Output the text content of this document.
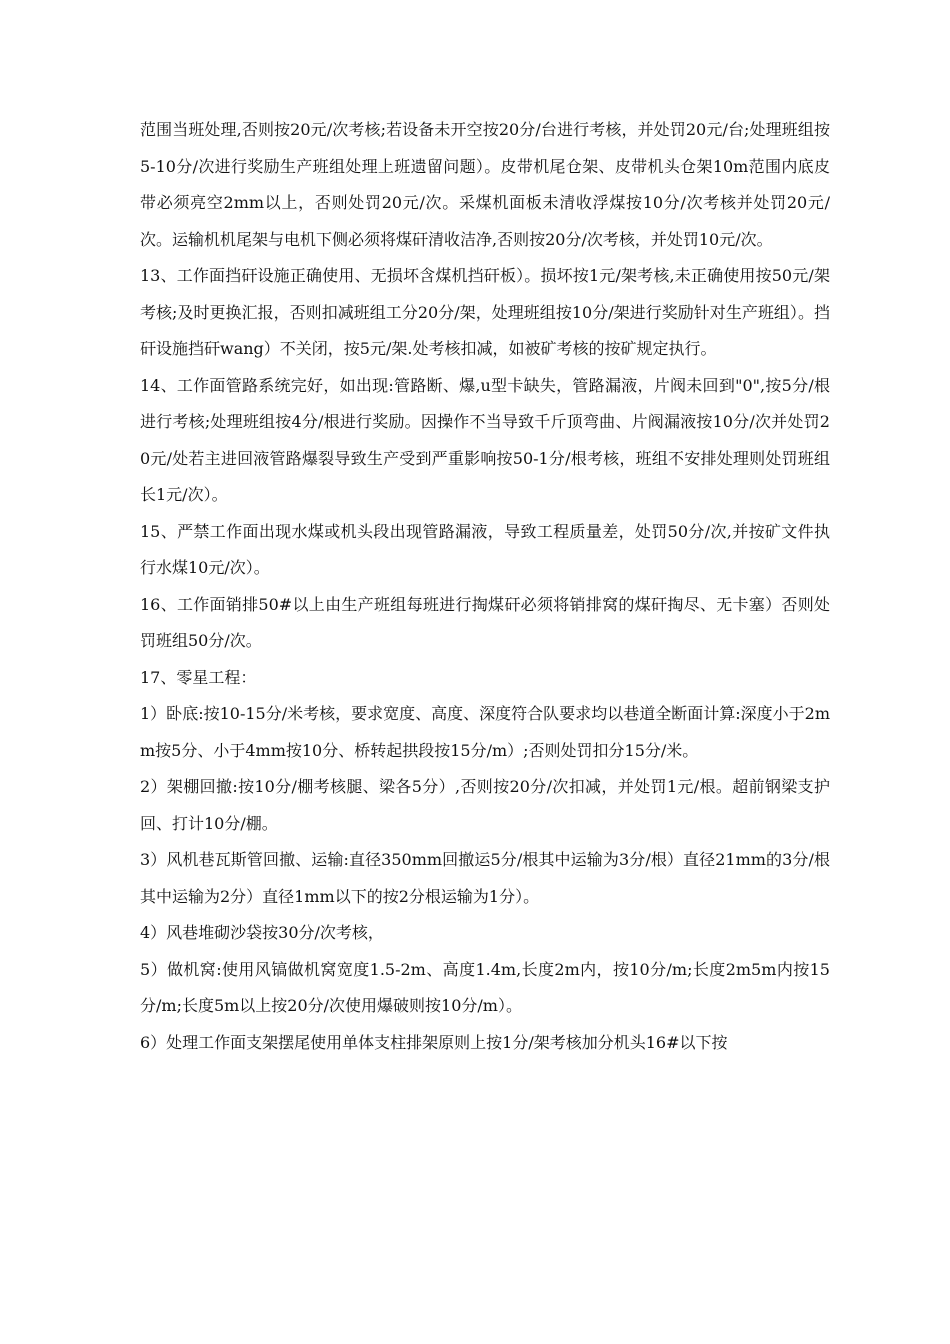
范围当班处理,否则按20元/次考核;若设备未开空按20分/台进行考核，并处罚20元/台;处理班组按5-10分/次进行奖励生产班组处理上班遗留问题）。皮带机尾仓架、皮带机头仓架10m范围内底皮带必须亮空2mm以上，否则处罚20元/次。采煤机面板未清收浮煤按10分/次考核并处罚20元/次。运输机机尾架与电机下侧必须将煤矸清收洁净,否则按20分/次考核，并处罚10元/次。

13、工作面挡矸设施正确使用、无损坏含煤机挡矸板）。损坏按1元/架考核,未正确使用按50元/架考核;及时更换汇报，否则扣减班组工分20分/架，处理班组按10分/架进行奖励针对生产班组）。挡矸设施挡矸wang）不关闭，按5元/架.处考核扣减，如被矿考核的按矿规定执行。

14、工作面管路系统完好，如出现:管路断、爆,u型卡缺失，管路漏液，片阀未回到"0",按5分/根进行考核;处理班组按4分/根进行奖励。因操作不当导致千斤顶弯曲、片阀漏液按10分/次并处罚20元/处若主进回液管路爆裂导致生产受到严重影响按50-1分/根考核，班组不安排处理则处罚班组长1元/次）。

15、严禁工作面出现水煤或机头段出现管路漏液，导致工程质量差，处罚50分/次,并按矿文件执行水煤10元/次）。

16、工作面销排50#以上由生产班组每班进行掏煤矸必须将销排窝的煤矸掏尽、无卡塞）否则处罚班组50分/次。

17、零星工程：

1）卧底:按10-15分/米考核，要求宽度、高度、深度符合队要求均以巷道全断面计算:深度小于2mm按5分、小于4mm按10分、桥转起拱段按15分/m）;否则处罚扣分15分/米。

2）架棚回撤:按10分/棚考核腿、梁各5分）,否则按20分/次扣减，并处罚1元/根。超前钢梁支护回、打计10分/棚。

3）风机巷瓦斯管回撤、运输:直径350mm回撤运5分/根其中运输为3分/根）直径21mm的3分/根其中运输为2分）直径1mm以下的按2分根运输为1分）。

4）风巷堆砌沙袋按30分/次考核，

5）做机窝:使用风镐做机窝宽度1.5-2m、高度1.4m,长度2m内，按10分/m;长度2m5m内按15分/m;长度5m以上按20分/次使用爆破则按10分/m）。

6）处理工作面支架摆尾使用单体支柱排架原则上按1分/架考核加分机头16#以下按
